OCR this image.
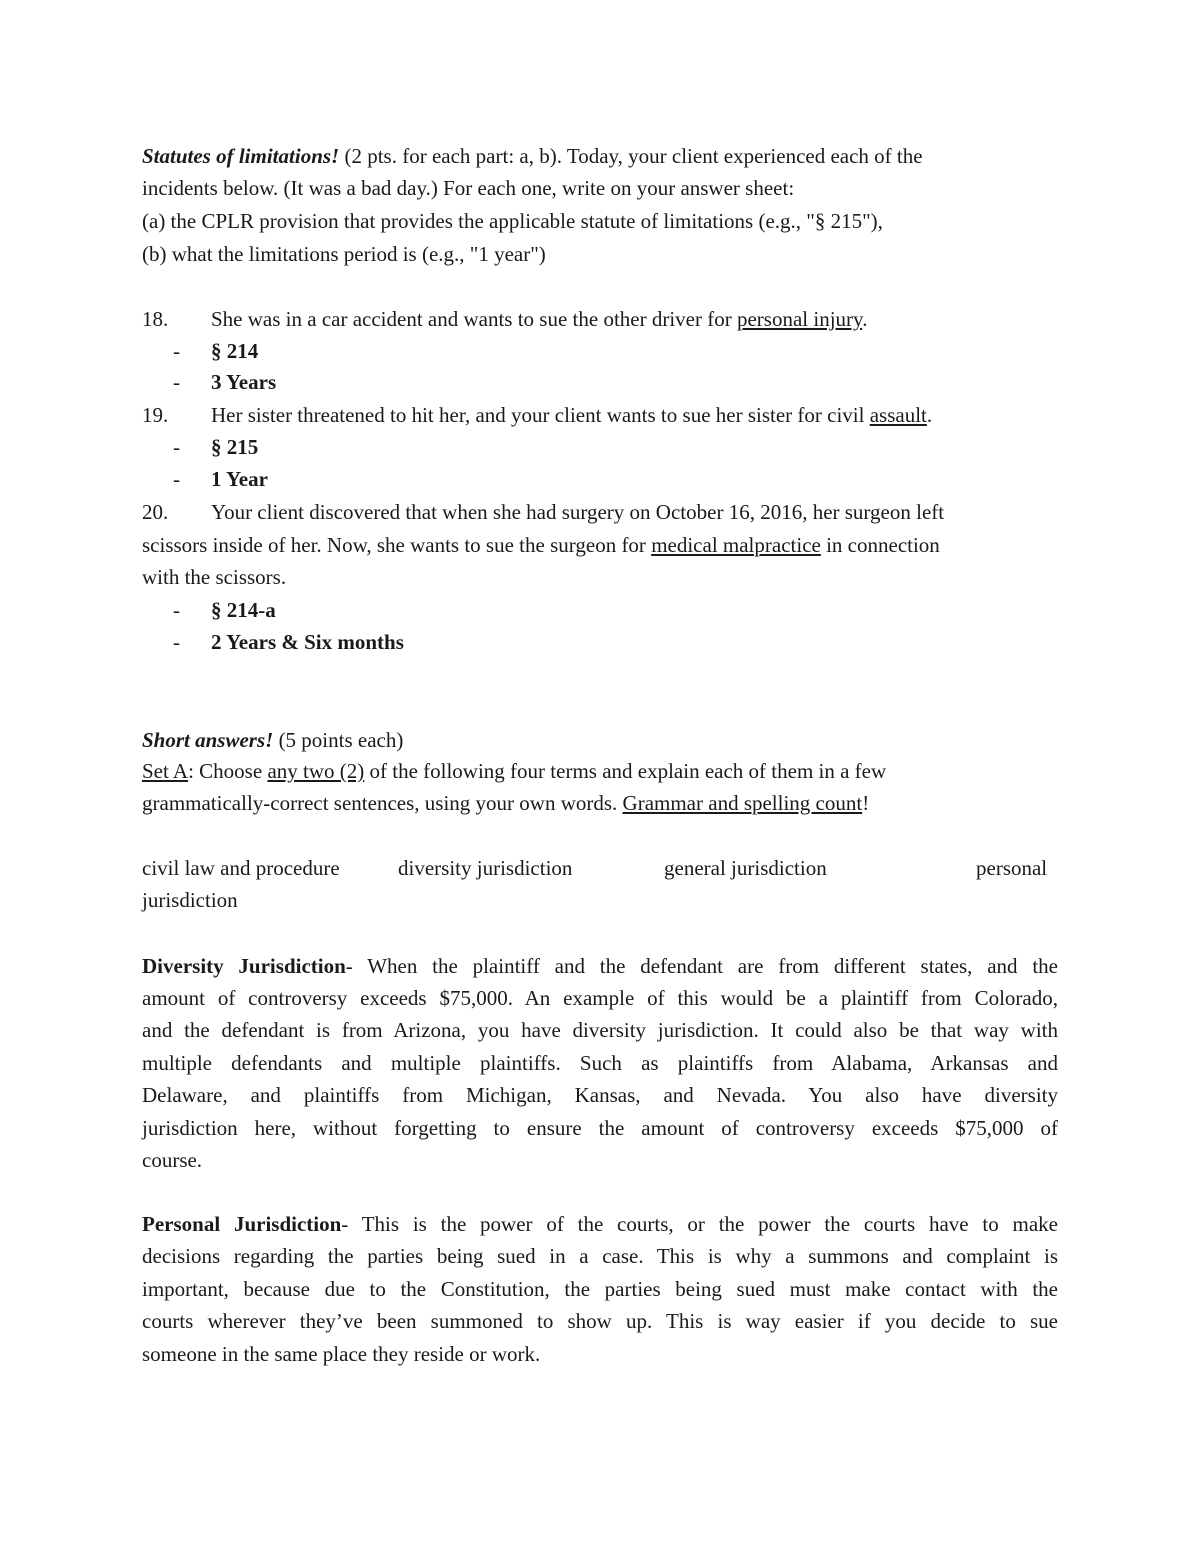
Statutes of limitations! (2 pts. for each part: a, b). Today, your client experienced each of the
incidents below. (It was a bad day.) For each one, write on your answer sheet:
(a) the CPLR provision that provides the applicable statute of limitations (e.g., "§ 215"),
(b) what the limitations period is (e.g., "1 year")
18. She was in a car accident and wants to sue the other driver for personal injury.
- § 214
- 3 Years
19. Her sister threatened to hit her, and your client wants to sue her sister for civil assault.
- § 215
- 1 Year
20. Your client discovered that when she had surgery on October 16, 2016, her surgeon left
scissors inside of her. Now, she wants to sue the surgeon for medical malpractice in connection
with the scissors.
- § 214-a
- 2 Years & Six months
Short answers! (5 points each)
Set A: Choose any two (2) of the following four terms and explain each of them in a few
grammatically-correct sentences, using your own words. Grammar and spelling count!
civil law and procedure	diversity jurisdiction	general jurisdiction	personal
jurisdiction
Diversity Jurisdiction- When the plaintiff and the defendant are from different states, and the
amount of controversy exceeds $75,000. An example of this would be a plaintiff from Colorado,
and the defendant is from Arizona, you have diversity jurisdiction. It could also be that way with
multiple defendants and multiple plaintiffs. Such as plaintiffs from Alabama, Arkansas and
Delaware, and plaintiffs from Michigan, Kansas, and Nevada. You also have diversity
jurisdiction here, without forgetting to ensure the amount of controversy exceeds $75,000 of
course.
Personal Jurisdiction- This is the power of the courts, or the power the courts have to make
decisions regarding the parties being sued in a case. This is why a summons and complaint is
important, because due to the Constitution, the parties being sued must make contact with the
courts wherever they’ve been summoned to show up. This is way easier if you decide to sue
someone in the same place they reside or work.
